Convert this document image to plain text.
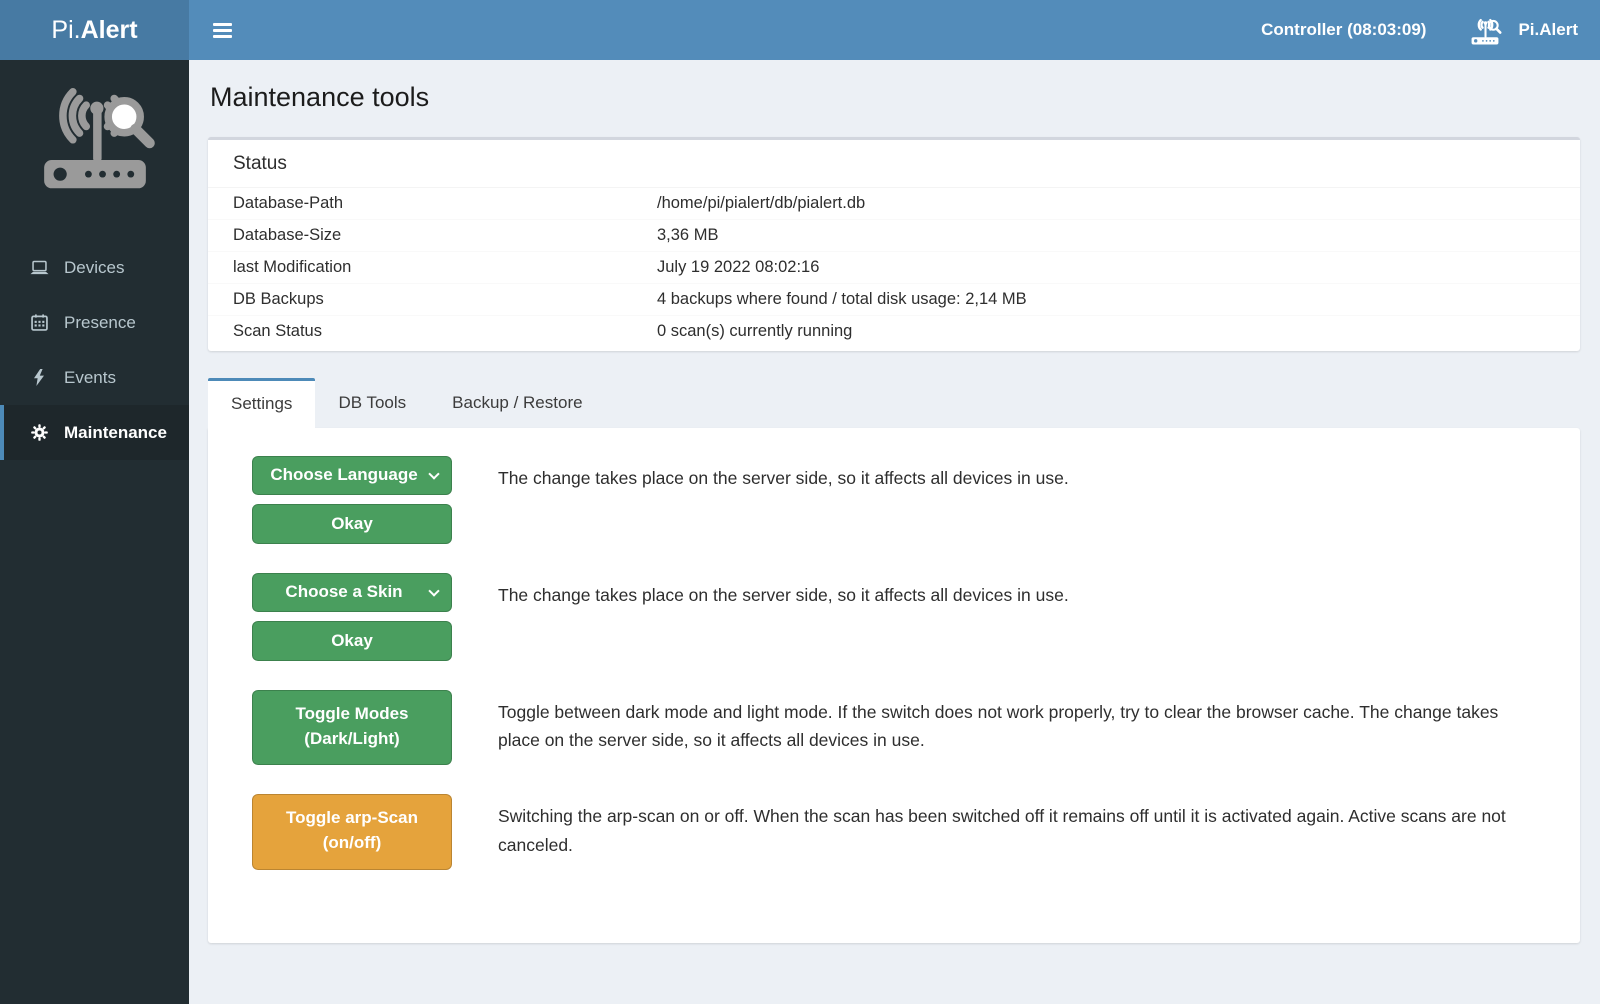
Pi. Alert	Controller (08:03:09)	Pi.Alert
Devices
Presence
Events
Maintenance
Maintenance tools
Status
Database-Path	/home/pi/pialert/db/pialert.db
Database-Size	3,36 MB
last Modification	July 19 2022 08:02:16
DB Backups	4 backups where found / total disk usage: 2,14 MB
Scan Status	0 scan(s) currently running
Settings	DB Tools	Backup / Restore
Choose Language
Okay
The change takes place on the server side, so it affects all devices in use.
Choose a Skin
Okay
The change takes place on the server side, so it affects all devices in use.
Toggle Modes (Dark/Light)
Toggle between dark mode and light mode. If the switch does not work properly, try to clear the browser cache. The change takes place on the server side, so it affects all devices in use.
Toggle arp-Scan (on/off)
Switching the arp-scan on or off. When the scan has been switched off it remains off until it is activated again. Active scans are not canceled.
